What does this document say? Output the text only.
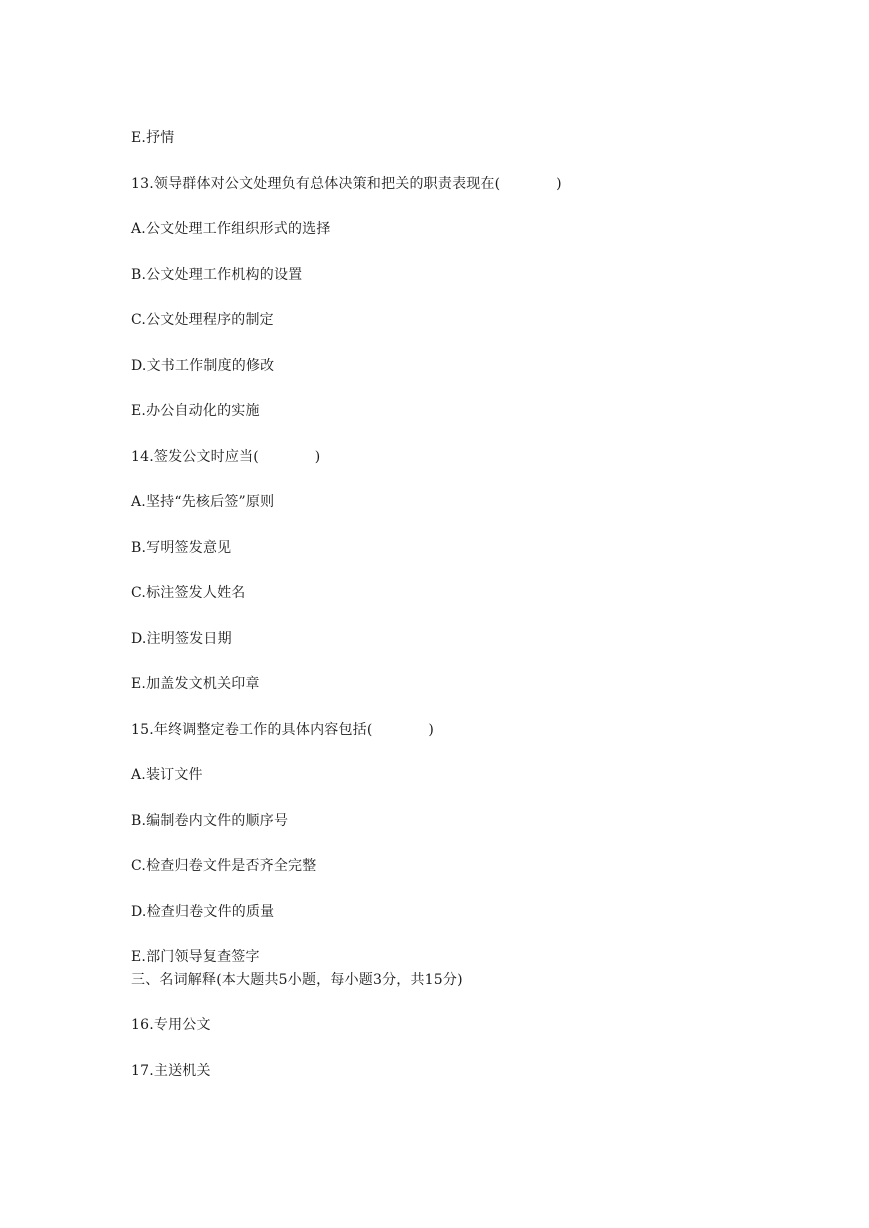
E.抒情
13.领导群体对公文处理负有总体决策和把关的职责表现在(            )
A.公文处理工作组织形式的选择
B.公文处理工作机构的设置
C.公文处理程序的制定
D.文书工作制度的修改
E.办公自动化的实施
14.签发公文时应当(            )
A.坚持“先核后签”原则
B.写明签发意见
C.标注签发人姓名
D.注明签发日期
E.加盖发文机关印章
15.年终调整定卷工作的具体内容包括(            )
A.装订文件
B.编制卷内文件的顺序号
C.检查归卷文件是否齐全完整
D.检查归卷文件的质量
E.部门领导复查签字
三、名词解释(本大题共5小题，每小题3分，共15分)
16.专用公文
17.主送机关
